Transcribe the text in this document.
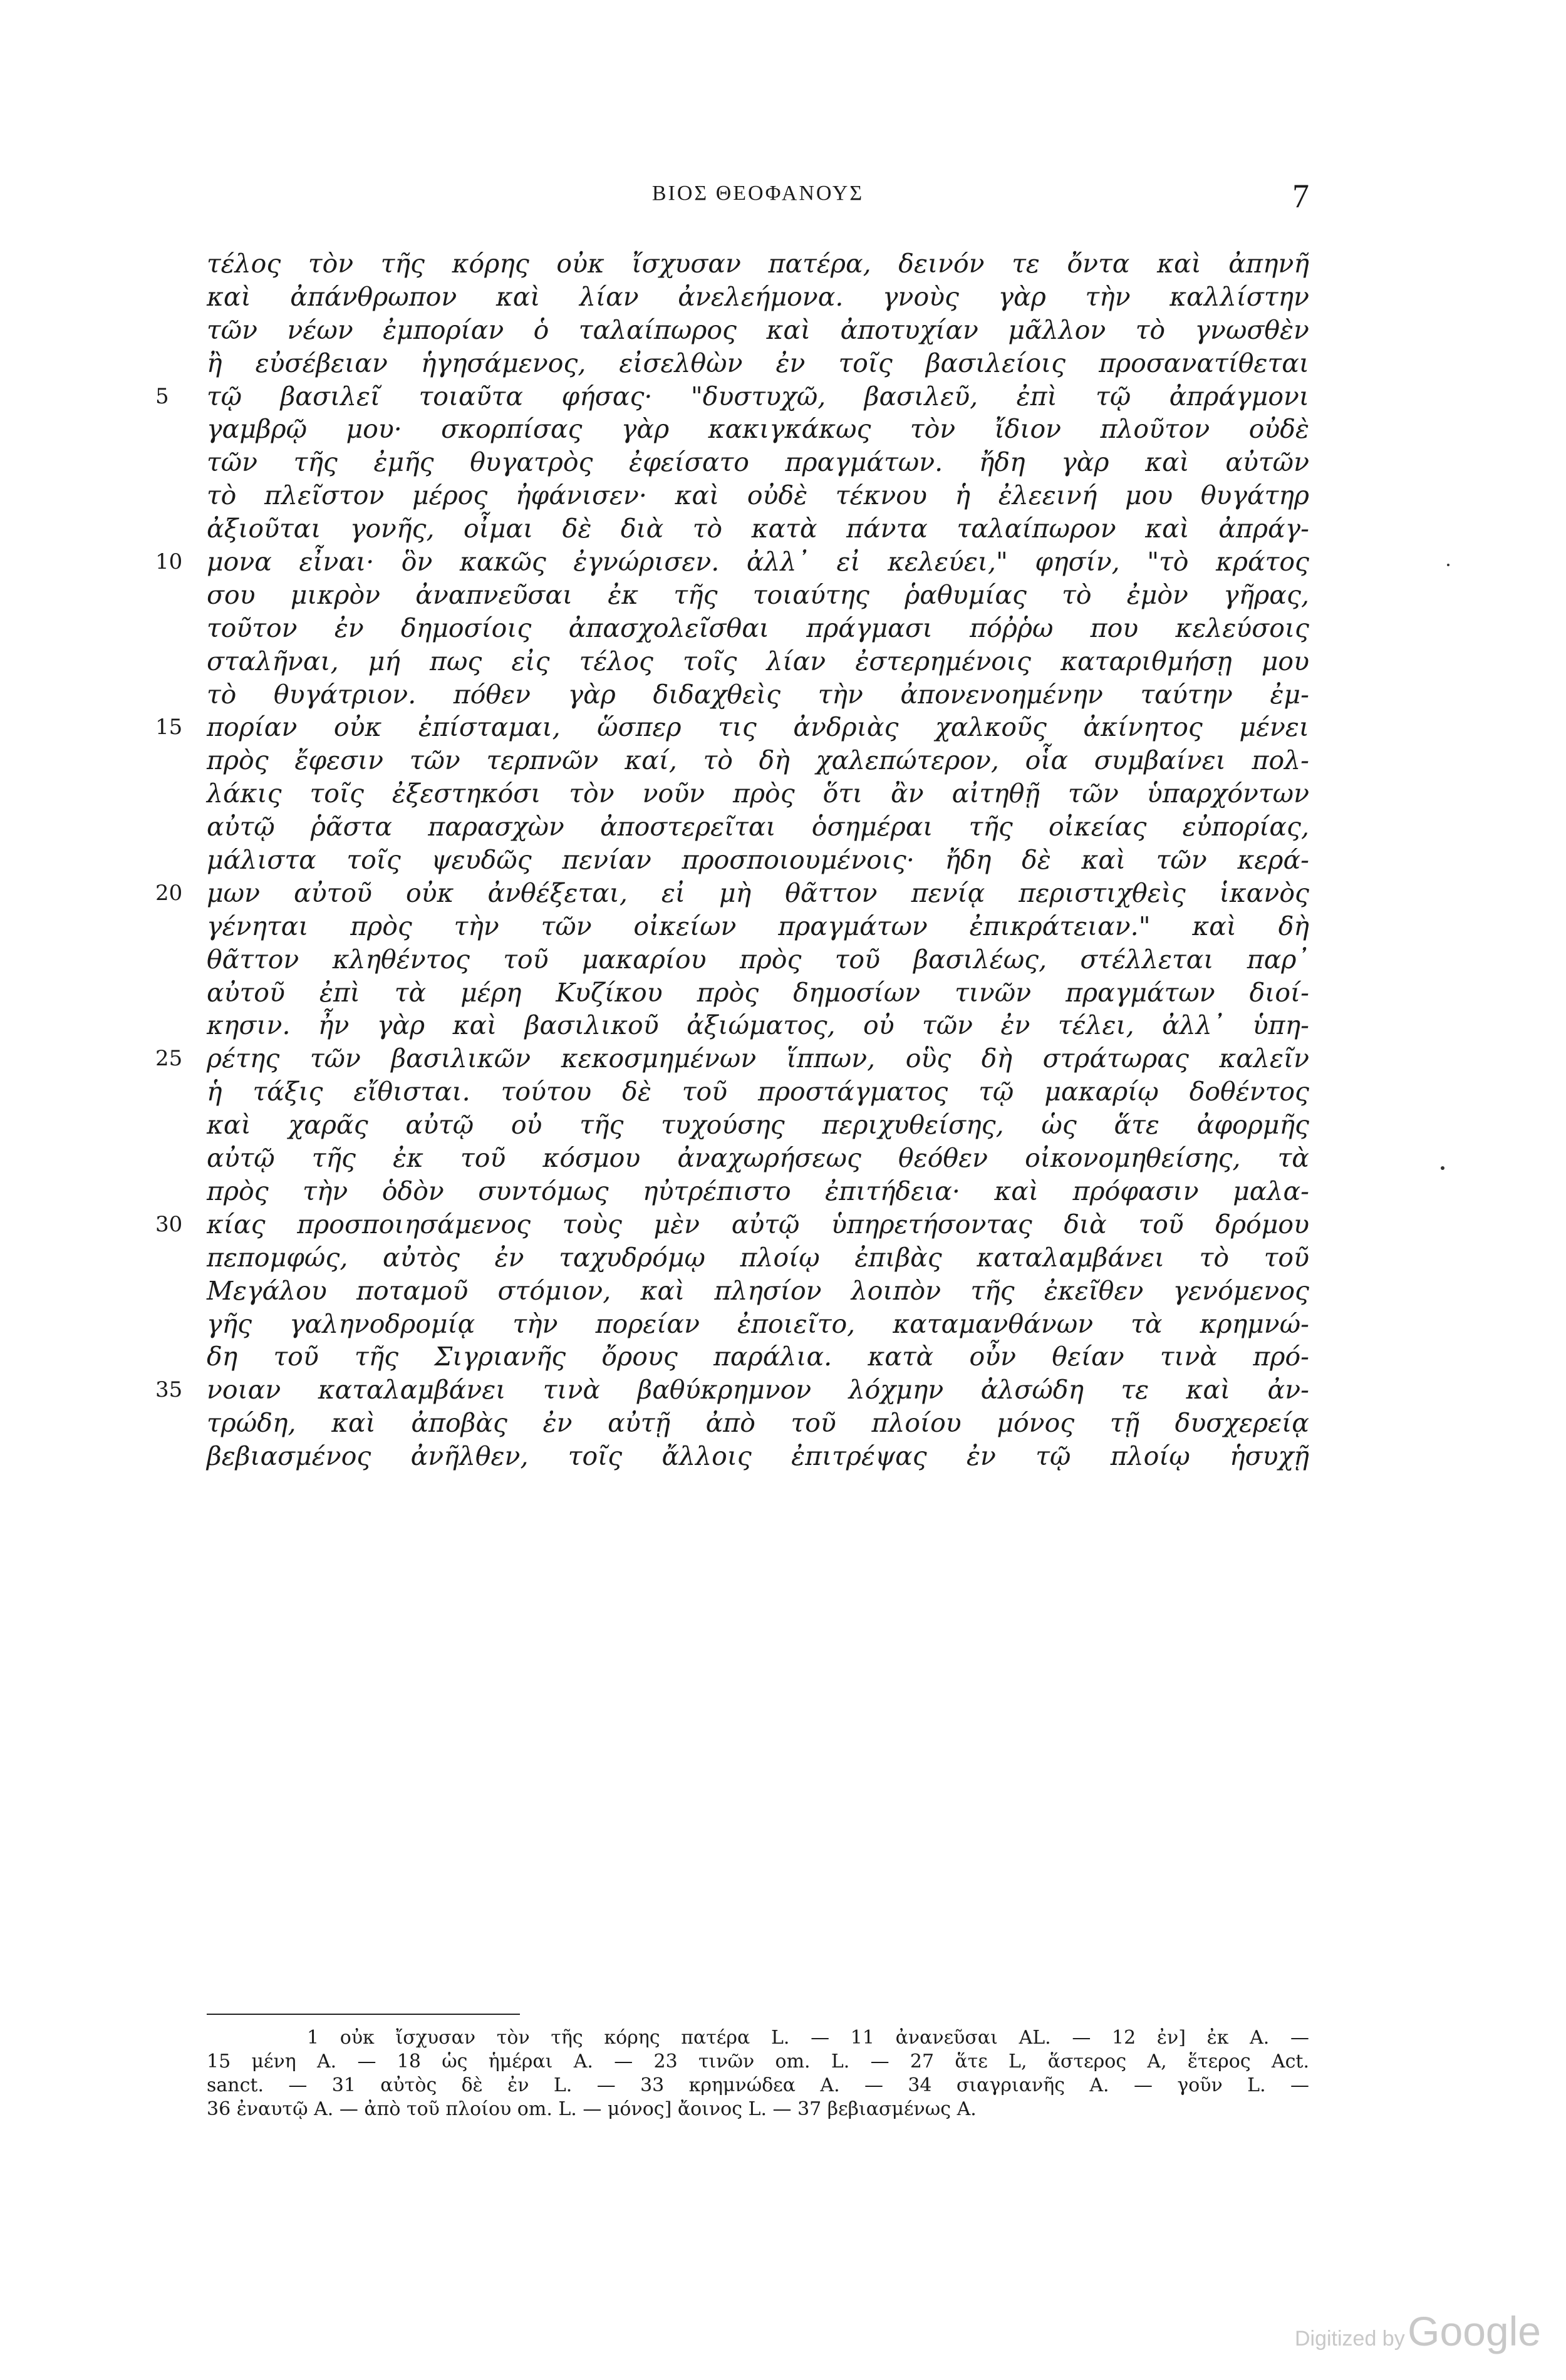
ΒΙΟΣ ΘΕΟΦΑΝΟΥΣ	7
τέλος τὸν τῆς κόρης οὐκ ἴσχυσαν πατέρα, δεινόν τε ὄντα καὶ ἀπηνῆ
καὶ ἀπάνθρωπον καὶ λίαν ἀνελεήμονα. γνοὺς γὰρ τὴν καλλίστην
τῶν νέων ἐμπορίαν ὁ ταλαίπωρος καὶ ἀποτυχίαν μᾶλλον τὸ γνωσθὲν
ἢ εὐσέβειαν ἡγησάμενος, εἰσελθὼν ἐν τοῖς βασιλείοις προσανατίθεται
τῷ βασιλεῖ τοιαῦτα φήσας· "δυστυχῶ, βασιλεῦ, ἐπὶ τῷ ἀπράγμονι
5
γαμβρῷ μου· σκορπίσας γὰρ κακιγκάκως τὸν ἴδιον πλοῦτον οὐδὲ
τῶν τῆς ἐμῆς θυγατρὸς ἐφείσατο πραγμάτων. ἤδη γὰρ καὶ αὐτῶν
τὸ πλεῖστον μέρος ἠφάνισεν· καὶ οὐδὲ τέκνου ἡ ἐλεεινή μου θυγάτηρ
ἀξιοῦται γονῆς, οἶμαι δὲ διὰ τὸ κατὰ πάντα ταλαίπωρον καὶ ἀπράγ-
μονα εἶναι· ὃν κακῶς ἐγνώρισεν. ἀλλ᾽ εἰ κελεύει," φησίν, "τὸ κράτος
10
σου μικρὸν ἀναπνεῦσαι ἐκ τῆς τοιαύτης ῥαθυμίας τὸ ἐμὸν γῆρας,
τοῦτον ἐν δημοσίοις ἀπασχολεῖσθαι πράγμασι πόῤῥω που κελεύσοις
σταλῆναι, μή πως εἰς τέλος τοῖς λίαν ἐστερημένοις καταριθμήσῃ μου
τὸ θυγάτριον. πόθεν γὰρ διδαχθεὶς τὴν ἀπονενοημένην ταύτην ἐμ-
πορίαν οὐκ ἐπίσταμαι, ὥσπερ τις ἀνδριὰς χαλκοῦς ἀκίνητος μένει
15
πρὸς ἔφεσιν τῶν τερπνῶν καί, τὸ δὴ χαλεπώτερον, οἷα συμβαίνει πολ-
λάκις τοῖς ἐξεστηκόσι τὸν νοῦν πρὸς ὅτι ἂν αἰτηθῇ τῶν ὑπαρχόντων
αὐτῷ ῥᾶστα παρασχὼν ἀποστερεῖται ὁσημέραι τῆς οἰκείας εὐπορίας,
μάλιστα τοῖς ψευδῶς πενίαν προσποιουμένοις· ἤδη δὲ καὶ τῶν κερά-
μων αὐτοῦ οὐκ ἀνθέξεται, εἰ μὴ θᾶττον πενίᾳ περιστιχθεὶς ἱκανὸς
20
γένηται πρὸς τὴν τῶν οἰκείων πραγμάτων ἐπικράτειαν." καὶ δὴ
θᾶττον κληθέντος τοῦ μακαρίου πρὸς τοῦ βασιλέως, στέλλεται παρ᾽
αὐτοῦ ἐπὶ τὰ μέρη Κυζίκου πρὸς δημοσίων τινῶν πραγμάτων διοί-
κησιν. ἦν γὰρ καὶ βασιλικοῦ ἀξιώματος, οὐ τῶν ἐν τέλει, ἀλλ᾽ ὑπη-
ρέτης τῶν βασιλικῶν κεκοσμημένων ἵππων, οὓς δὴ στράτωρας καλεῖν
25
ἡ τάξις εἴθισται. τούτου δὲ τοῦ προστάγματος τῷ μακαρίῳ δοθέντος
καὶ χαρᾶς αὐτῷ οὐ τῆς τυχούσης περιχυθείσης, ὡς ἅτε ἀφορμῆς
αὐτῷ τῆς ἐκ τοῦ κόσμου ἀναχωρήσεως θεόθεν οἰκονομηθείσης, τὰ
πρὸς τὴν ὁδὸν συντόμως ηὐτρέπιστο ἐπιτήδεια· καὶ πρόφασιν μαλα-
κίας προσποιησάμενος τοὺς μὲν αὐτῷ ὑπηρετήσοντας διὰ τοῦ δρόμου
30
πεπομφώς, αὐτὸς ἐν ταχυδρόμῳ πλοίῳ ἐπιβὰς καταλαμβάνει τὸ τοῦ
Μεγάλου ποταμοῦ στόμιον, καὶ πλησίον λοιπὸν τῆς ἐκεῖθεν γενόμενος
γῆς γαληνοδρομίᾳ τὴν πορείαν ἐποιεῖτο, καταμανθάνων τὰ κρημνώ-
δη τοῦ τῆς Σιγριανῆς ὄρους παράλια. κατὰ οὖν θείαν τινὰ πρό-
νοιαν καταλαμβάνει τινὰ βαθύκρημνον λόχμην ἀλσώδη τε καὶ ἀν-
35
τρώδη, καὶ ἀποβὰς ἐν αὐτῇ ἀπὸ τοῦ πλοίου μόνος τῇ δυσχερείᾳ
βεβιασμένος ἀνῆλθεν, τοῖς ἄλλοις ἐπιτρέψας ἐν τῷ πλοίῳ ἡσυχῇ
1 οὐκ ἴσχυσαν τὸν τῆς κόρης πατέρα L. — 11 ἀνανεῦσαι AL. — 12 ἐν] ἐκ A. —
15 μένη A. — 18 ὡς ἡμέραι A. — 23 τινῶν om. L. — 27 ἅτε L, ἅστερος A, ἕτερος Act.
sanct. — 31 αὐτὸς δὲ ἐν L. — 33 κρημνώδεα A. — 34 σιαγριανῆς A. — γοῦν L. —
36 ἐναυτῷ A. — ἀπὸ τοῦ πλοίου om. L. — μόνος] ἄοινος L. — 37 βεβιασμένως A.
Digitized by Google
